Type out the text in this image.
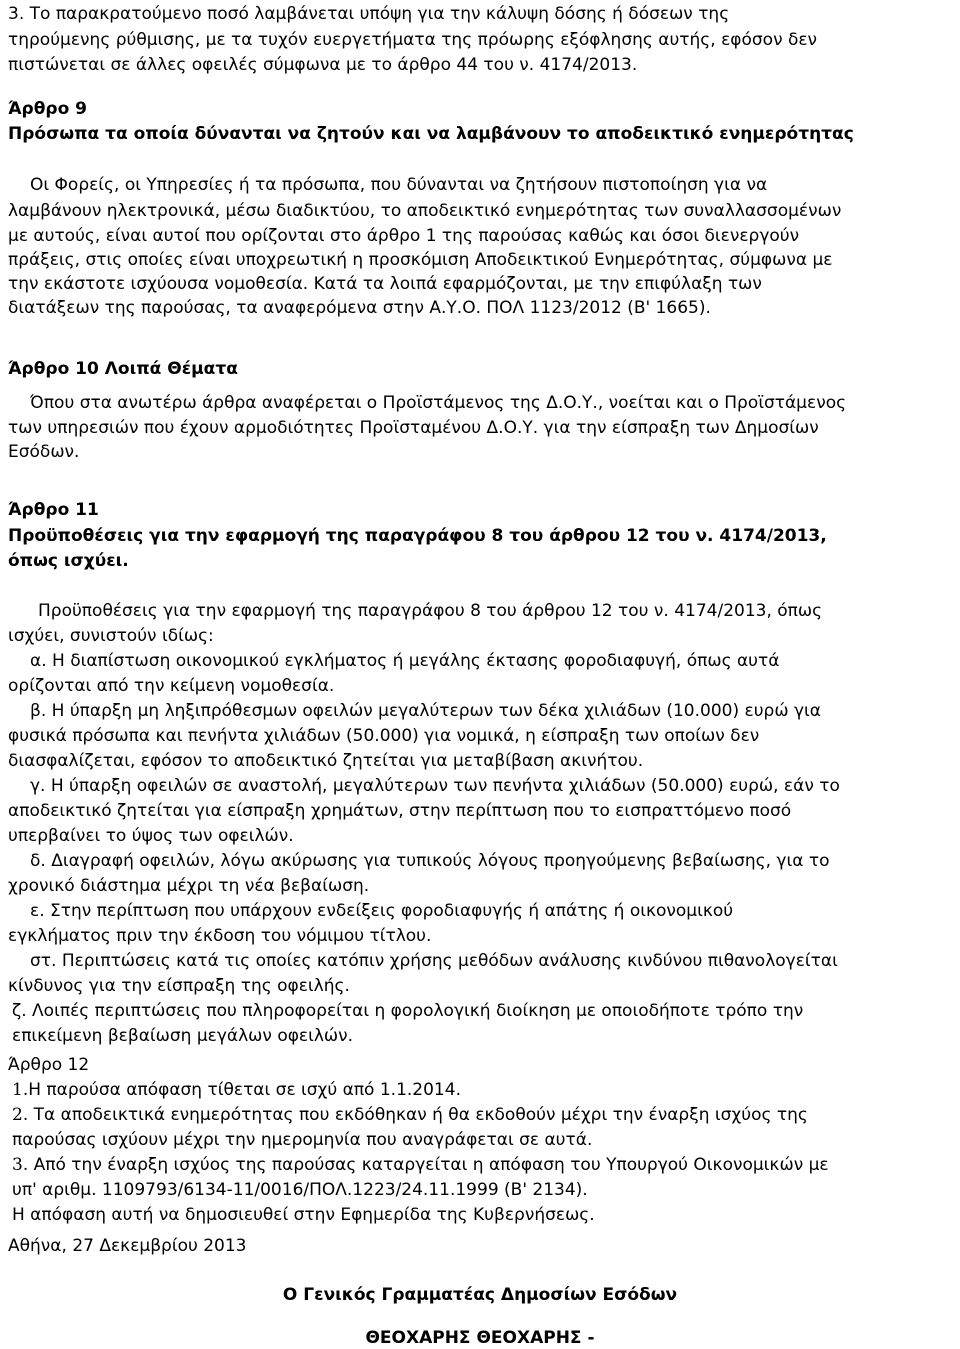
3. Το παρακρατούμενο ποσό λαμβάνεται υπόψη για την κάλυψη δόσης ή δόσεων της
τηρούμενης ρύθμισης, με τα τυχόν ευεργετήματα της πρόωρης εξόφλησης αυτής, εφόσον δεν
πιστώνεται σε άλλες οφειλές σύμφωνα με το άρθρο 44 του ν. 4174/2013.
Άρθρο 9
Πρόσωπα τα οποία δύνανται να ζητούν και να λαμβάνουν το αποδεικτικό ενημερότητας
Οι Φορείς, οι Υπηρεσίες ή τα πρόσωπα, που δύνανται να ζητήσουν πιστοποίηση για να
λαμβάνουν ηλεκτρονικά, μέσω διαδικτύου, το αποδεικτικό ενημερότητας των συναλλασσομένων
με αυτούς, είναι αυτοί που ορίζονται στο άρθρο 1 της παρούσας καθώς και όσοι διενεργούν
πράξεις, στις οποίες είναι υποχρεωτική η προσκόμιση Αποδεικτικού Ενημερότητας, σύμφωνα με
την εκάστοτε ισχύουσα νομοθεσία. Κατά τα λοιπά εφαρμόζονται, με την επιφύλαξη των
διατάξεων της παρούσας, τα αναφερόμενα στην Α.Υ.Ο. ΠΟΛ 1123/2012 (Β' 1665).
Άρθρο 10 Λοιπά Θέματα
Όπου στα ανωτέρω άρθρα αναφέρεται ο Προϊστάμενος της Δ.Ο.Υ., νοείται και ο Προϊστάμενος
των υπηρεσιών που έχουν αρμοδιότητες Προϊσταμένου Δ.Ο.Υ. για την είσπραξη των Δημοσίων
Εσόδων.
Άρθρο 11
Προϋποθέσεις για την εφαρμογή της παραγράφου 8 του άρθρου 12 του ν. 4174/2013,
όπως ισχύει.
Προϋποθέσεις για την εφαρμογή της παραγράφου 8 του άρθρου 12 του ν. 4174/2013, όπως
ισχύει, συνιστούν ιδίως:
α. Η διαπίστωση οικονομικού εγκλήματος ή μεγάλης έκτασης φοροδιαφυγή, όπως αυτά
ορίζονται από την κείμενη νομοθεσία.
β. Η ύπαρξη μη ληξιπρόθεσμων οφειλών μεγαλύτερων των δέκα χιλιάδων (10.000) ευρώ για
φυσικά πρόσωπα και πενήντα χιλιάδων (50.000) για νομικά, η είσπραξη των οποίων δεν
διασφαλίζεται, εφόσον το αποδεικτικό ζητείται για μεταβίβαση ακινήτου.
γ. Η ύπαρξη οφειλών σε αναστολή, μεγαλύτερων των πενήντα χιλιάδων (50.000) ευρώ, εάν το
αποδεικτικό ζητείται για είσπραξη χρημάτων, στην περίπτωση που το εισπραττόμενο ποσό
υπερβαίνει το ύψος των οφειλών.
δ. Διαγραφή οφειλών, λόγω ακύρωσης για τυπικούς λόγους προηγούμενης βεβαίωσης, για το
χρονικό διάστημα μέχρι τη νέα βεβαίωση.
ε. Στην περίπτωση που υπάρχουν ενδείξεις φοροδιαφυγής ή απάτης ή οικονομικού
εγκλήματος πριν την έκδοση του νόμιμου τίτλου.
στ. Περιπτώσεις κατά τις οποίες κατόπιν χρήσης μεθόδων ανάλυσης κινδύνου πιθανολογείται
κίνδυνος για την είσπραξη της οφειλής.
ζ. Λοιπές περιπτώσεις που πληροφορείται η φορολογική διοίκηση με οποιοδήποτε τρόπο την
επικείμενη βεβαίωση μεγάλων οφειλών.
Άρθρο 12
1.Η παρούσα απόφαση τίθεται σε ισχύ από 1.1.2014.
2. Τα αποδεικτικά ενημερότητας που εκδόθηκαν ή θα εκδοθούν μέχρι την έναρξη ισχύος της
παρούσας ισχύουν μέχρι την ημερομηνία που αναγράφεται σε αυτά.
3. Από την έναρξη ισχύος της παρούσας καταργείται η απόφαση του Υπουργού Οικονομικών με
υπ' αριθμ. 1109793/6134-11/0016/ΠΟΛ.1223/24.11.1999 (Β' 2134).
Η απόφαση αυτή να δημοσιευθεί στην Εφημερίδα της Κυβερνήσεως.
Αθήνα, 27 Δεκεμβρίου 2013
Ο Γενικός Γραμματέας Δημοσίων Εσόδων
ΘΕΟΧΑΡΗΣ ΘΕΟΧΑΡΗΣ -
